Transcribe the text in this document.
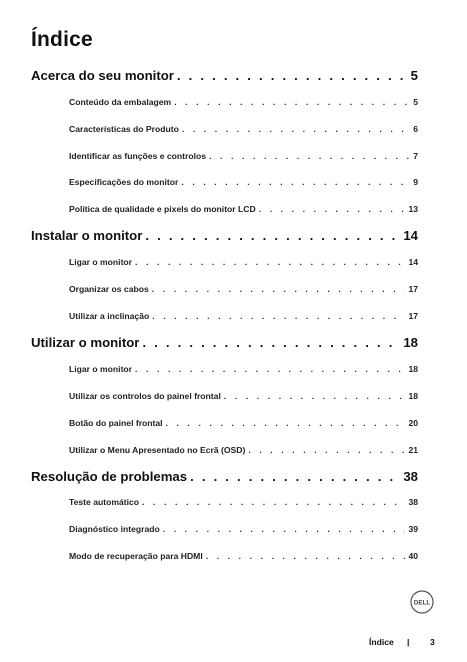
Índice
Acerca do seu monitor . . .	5
Conteúdo da embalagem . . .	5
Características do Produto . . .	6
Identificar as funções e controlos . . .	7
Especificações do monitor . . .	9
Política de qualidade e pixels do monitor LCD . . .	13
Instalar o monitor . . .	14
Ligar o monitor . . .	14
Organizar os cabos . . .	17
Utilizar a inclinação . . .	17
Utilizar o monitor . . .	18
Ligar o monitor . . .	18
Utilizar os controlos do painel frontal . . .	18
Botão do painel frontal . . .	20
Utilizar o Menu Apresentado no Ecrã (OSD) . . .	21
Resolução de problemas . . .	38
Teste automático . . .	38
Diagnóstico integrado . . .	39
Modo de recuperação para HDMI . . .	40
DELL
Índice | 3
